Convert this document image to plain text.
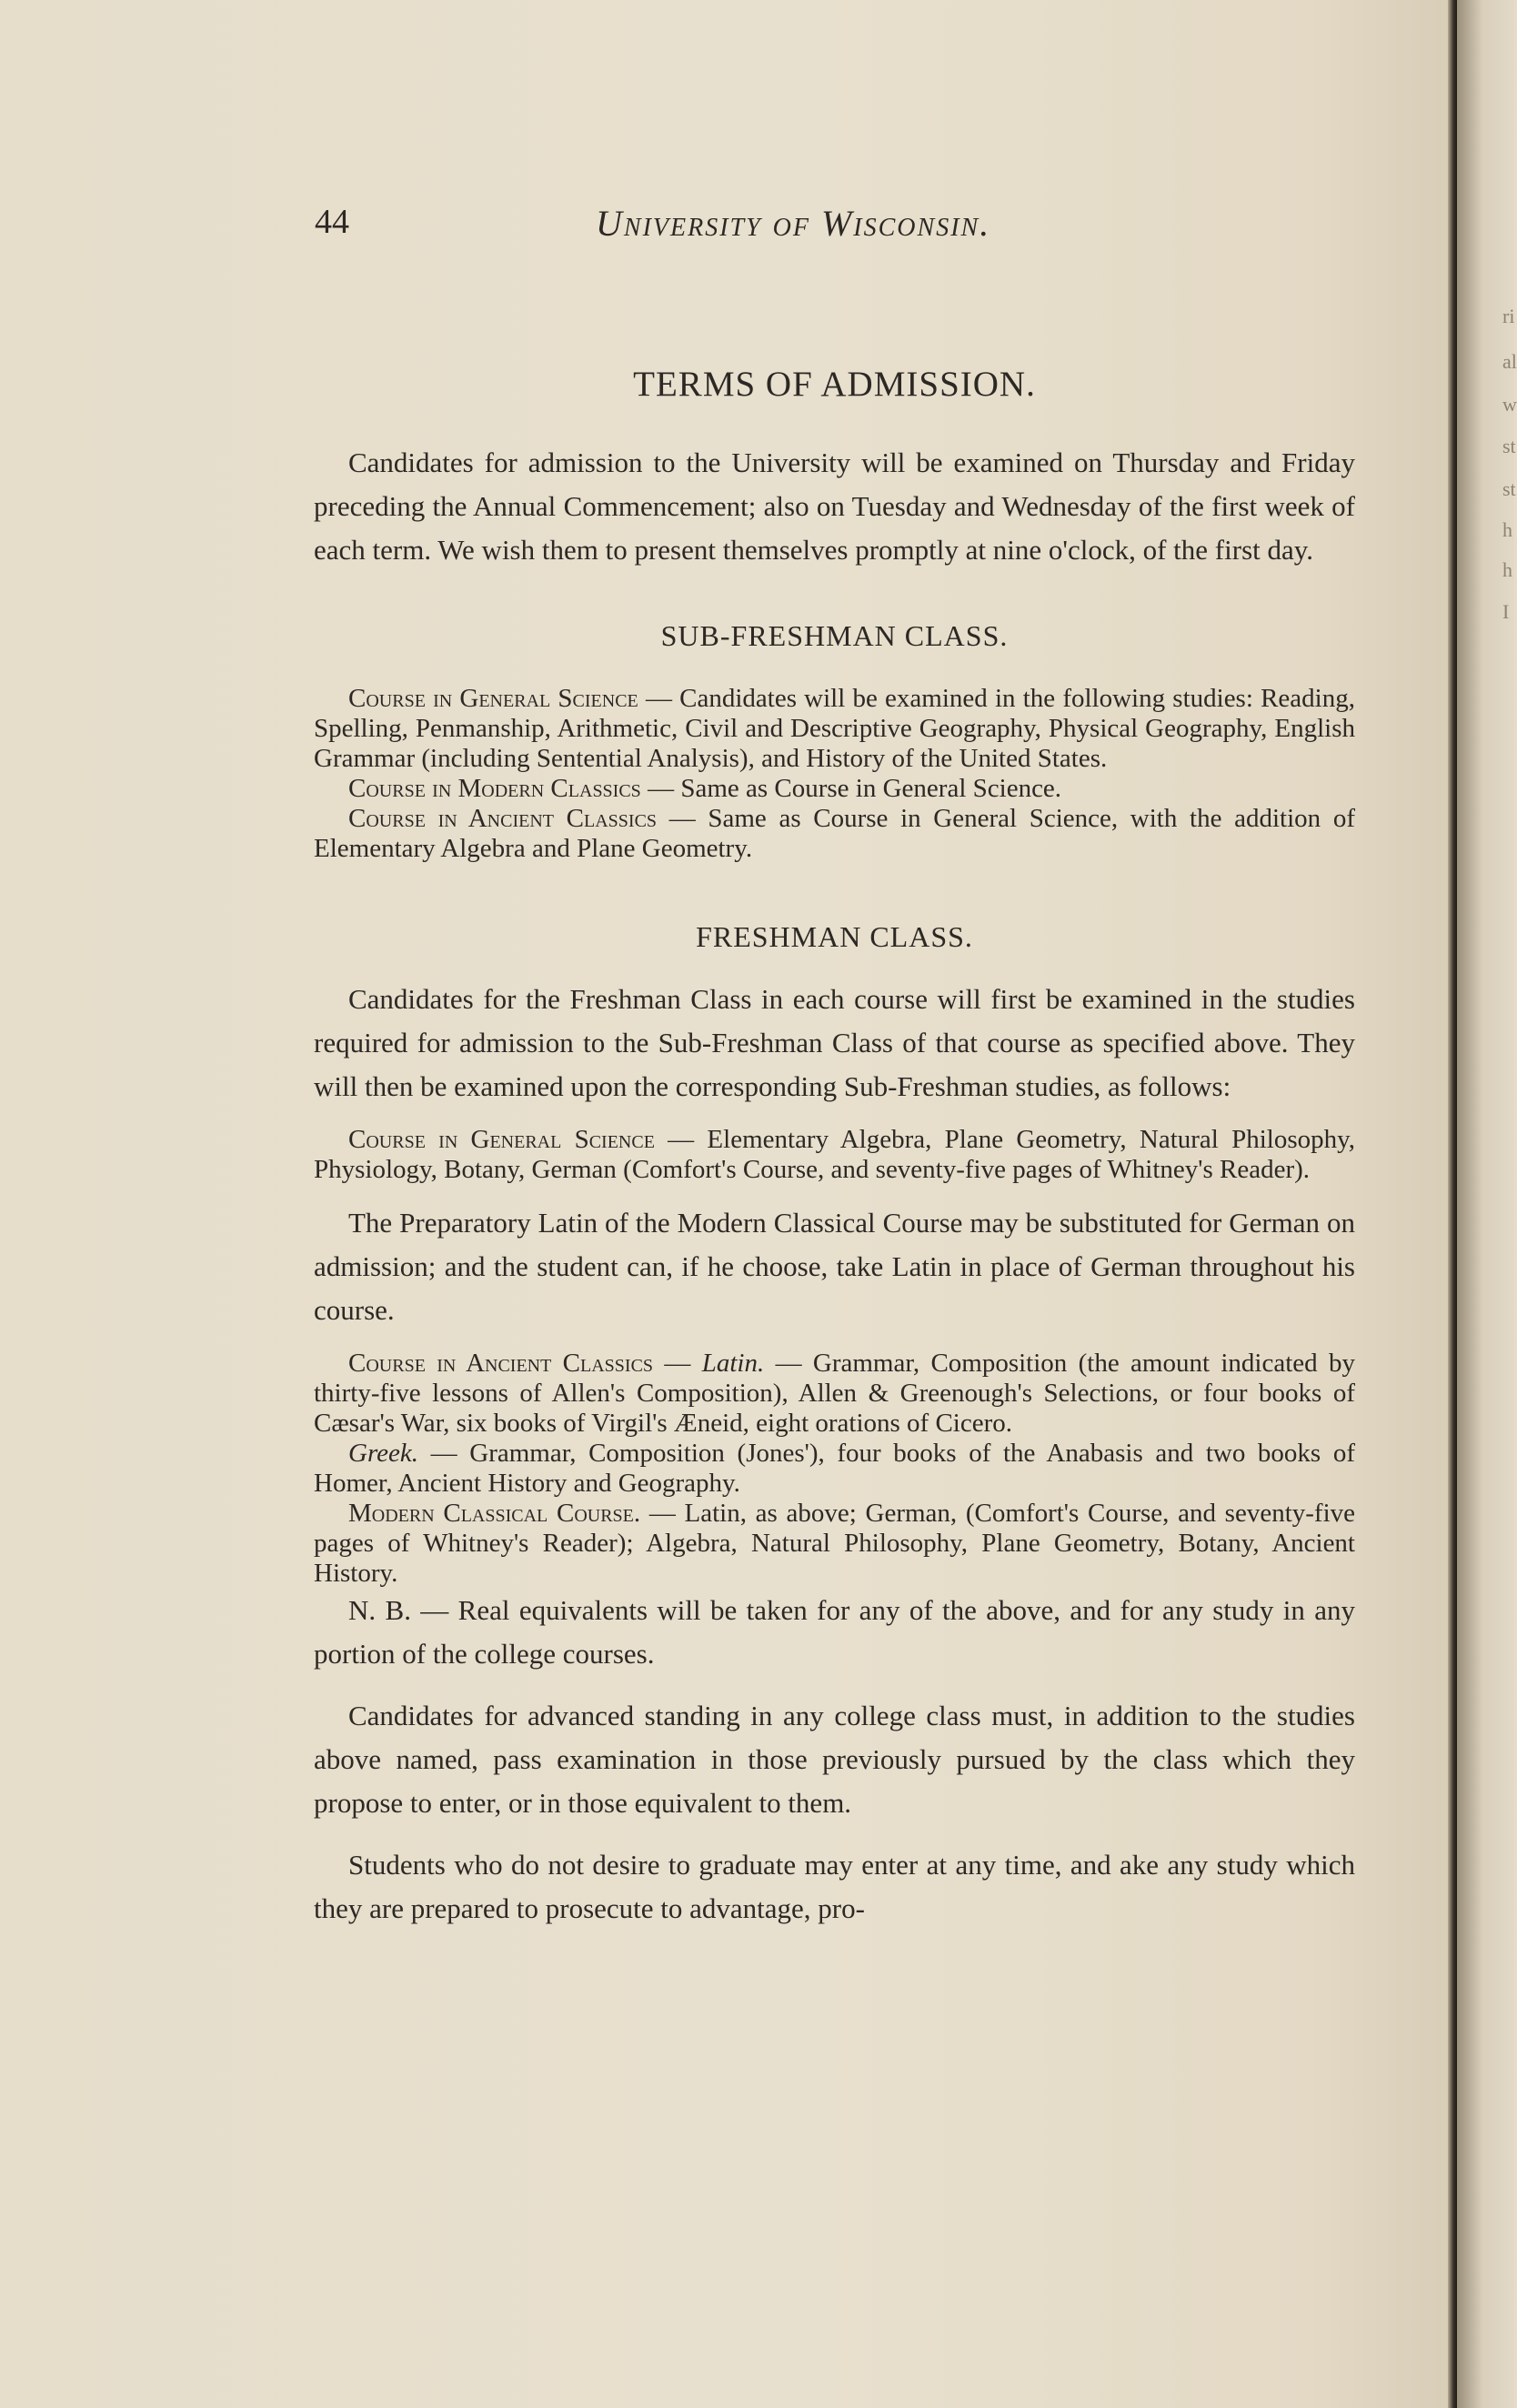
ri
al
w
st
st
h
h
I
44	University of Wisconsin.
TERMS OF ADMISSION.

Candidates for admission to the University will be examined on Thursday and Friday preceding the Annual Commencement; also on Tuesday and Wednesday of the first week of each term. We wish them to present themselves promptly at nine o'clock, of the first day.

SUB-FRESHMAN CLASS.

Course in General Science — Candidates will be examined in the following studies: Reading, Spelling, Penmanship, Arithmetic, Civil and Descriptive Geography, Physical Geography, English Grammar (including Sentential Analysis), and History of the United States.

Course in Modern Classics — Same as Course in General Science.

Course in Ancient Classics — Same as Course in General Science, with the addition of Elementary Algebra and Plane Geometry.

FRESHMAN CLASS.

Candidates for the Freshman Class in each course will first be examined in the studies required for admission to the Sub-Freshman Class of that course as specified above. They will then be examined upon the corresponding Sub-Freshman studies, as follows:

Course in General Science — Elementary Algebra, Plane Geometry, Natural Philosophy, Physiology, Botany, German (Comfort's Course, and seventy-five pages of Whitney's Reader).

The Preparatory Latin of the Modern Classical Course may be substituted for German on admission; and the student can, if he choose, take Latin in place of German throughout his course.

Course in Ancient Classics — Latin. — Grammar, Composition (the amount indicated by thirty-five lessons of Allen's Composition), Allen & Greenough's Selections, or four books of Cæsar's War, six books of Virgil's Æneid, eight orations of Cicero.

Greek. — Grammar, Composition (Jones'), four books of the Anabasis and two books of Homer, Ancient History and Geography.

Modern Classical Course. — Latin, as above; German, (Comfort's Course, and seventy-five pages of Whitney's Reader); Algebra, Natural Philosophy, Plane Geometry, Botany, Ancient History.

N. B. — Real equivalents will be taken for any of the above, and for any study in any portion of the college courses.

Candidates for advanced standing in any college class must, in addition to the studies above named, pass examination in those previously pursued by the class which they propose to enter, or in those equivalent to them.

Students who do not desire to graduate may enter at any time, and ake any study which they are prepared to prosecute to advantage, pro-
